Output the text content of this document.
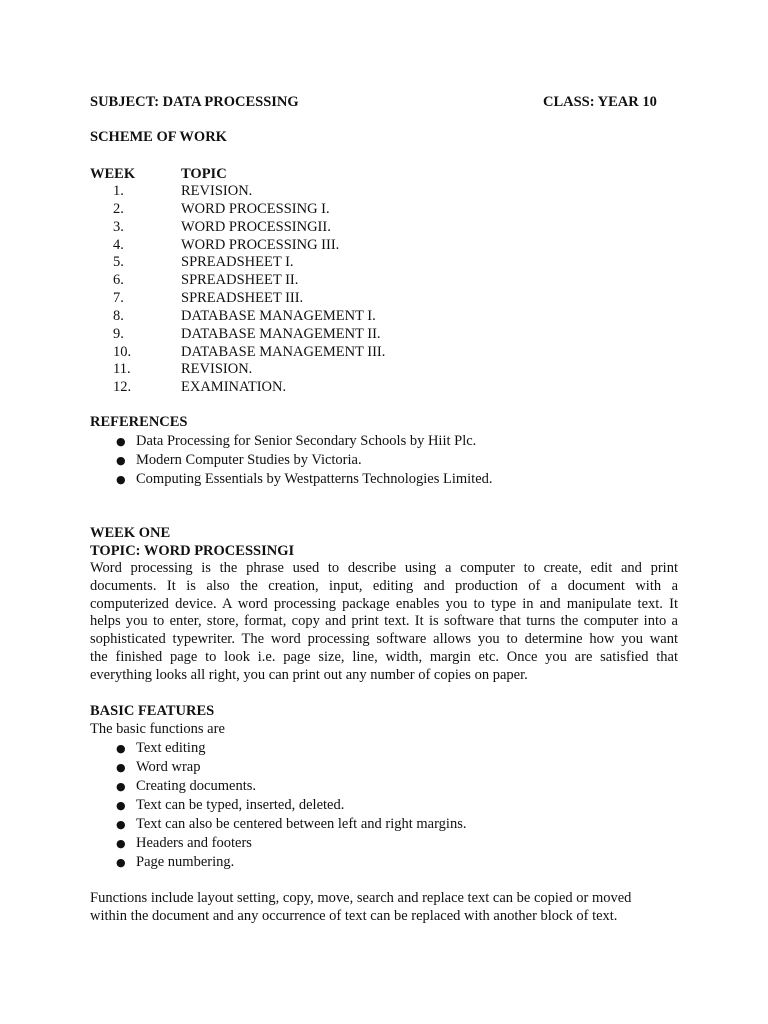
SUBJECT: DATA PROCESSING	CLASS: YEAR 10
SCHEME OF WORK
WEEK	TOPIC
1.	REVISION.
2.	WORD PROCESSING I.
3.	WORD PROCESSINGII.
4.	WORD PROCESSING III.
5.	SPREADSHEET I.
6.	SPREADSHEET II.
7.	SPREADSHEET III.
8.	DATABASE MANAGEMENT I.
9.	DATABASE MANAGEMENT II.
10.	DATABASE MANAGEMENT III.
11.	REVISION.
12.	EXAMINATION.
REFERENCES
● Data Processing for Senior Secondary Schools by Hiit Plc.
● Modern Computer Studies by Victoria.
● Computing Essentials by Westpatterns Technologies Limited.
WEEK ONE
TOPIC: WORD PROCESSINGI
Word processing is the phrase used to describe using a computer to create, edit and print
documents. It is also the creation, input, editing and production of a document with a
computerized device. A word processing package enables you to type in and manipulate text. It
helps you to enter, store, format, copy and print text. It is software that turns the computer into a
sophisticated typewriter. The word processing software allows you to determine how you want
the finished page to look i.e. page size, line, width, margin etc. Once you are satisfied that
everything looks all right, you can print out any number of copies on paper.
BASIC FEATURES
The basic functions are
● Text editing
● Word wrap
● Creating documents.
● Text can be typed, inserted, deleted.
● Text can also be centered between left and right margins.
● Headers and footers
● Page numbering.
Functions include layout setting, copy, move, search and replace text can be copied or moved
within the document and any occurrence of text can be replaced with another block of text.
